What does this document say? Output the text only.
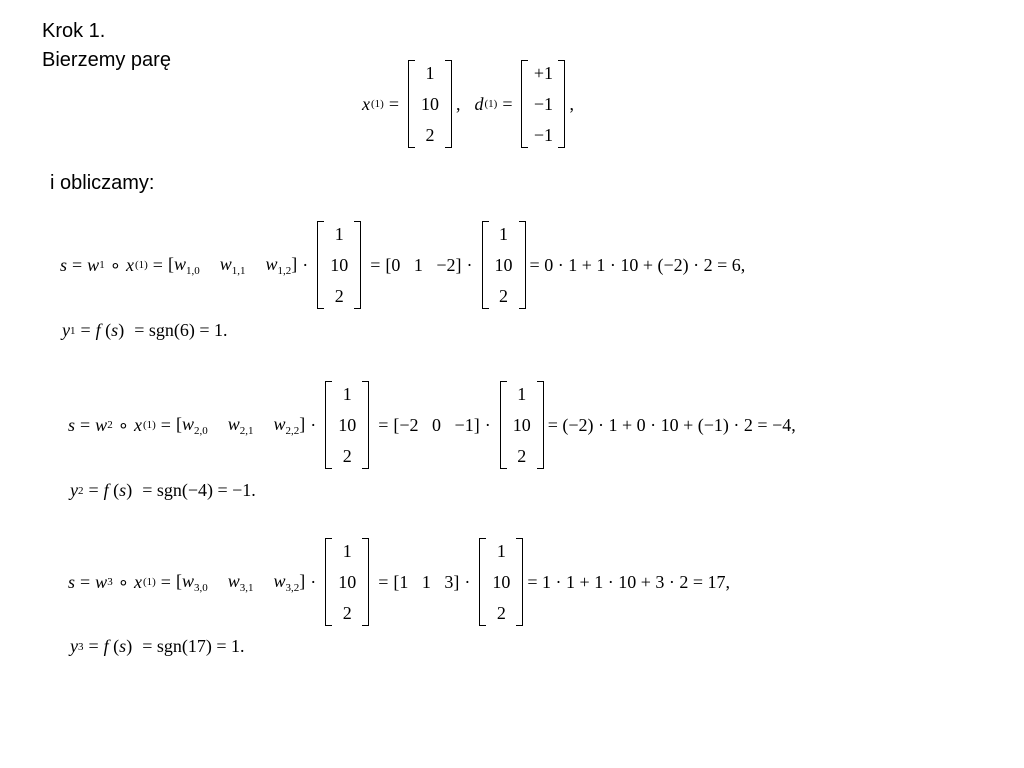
Krok 1.
Bierzemy parę
x (1) =
1
10
2
, d (1) =
+1
−1
−1
,
i obliczamy:
s = w 1 ∘ x $(1) = [w_{1,0}$ $w_{1,1}$ $w_{1,2}$] ·
1
10
2
= [0   1   −2] ·
1
10
2
= 0 · 1 + 1 · 10 + (−2) · 2 = 6,
y 1 = f ( s ) = sgn(6) = 1.
s = w 2 ∘ x $(1) = [w_{2,0}$ $w_{2,1}$ $w_{2,2}$] ·
1
10
2
= [−2   0   −1] ·
1
10
2
= (−2) · 1 + 0 · 10 + (−1) · 2 = −4,
y 2 = f ( s ) = sgn(−4) = −1.
s = w 3 ∘ x $(1) = [w_{3,0}$ $w_{3,1}$ $w_{3,2}$] ·
1
10
2
= [1   1   3] ·
1
10
2
= 1 · 1 + 1 · 10 + 3 · 2 = 17,
y 3 = f ( s ) = sgn(17) = 1.
